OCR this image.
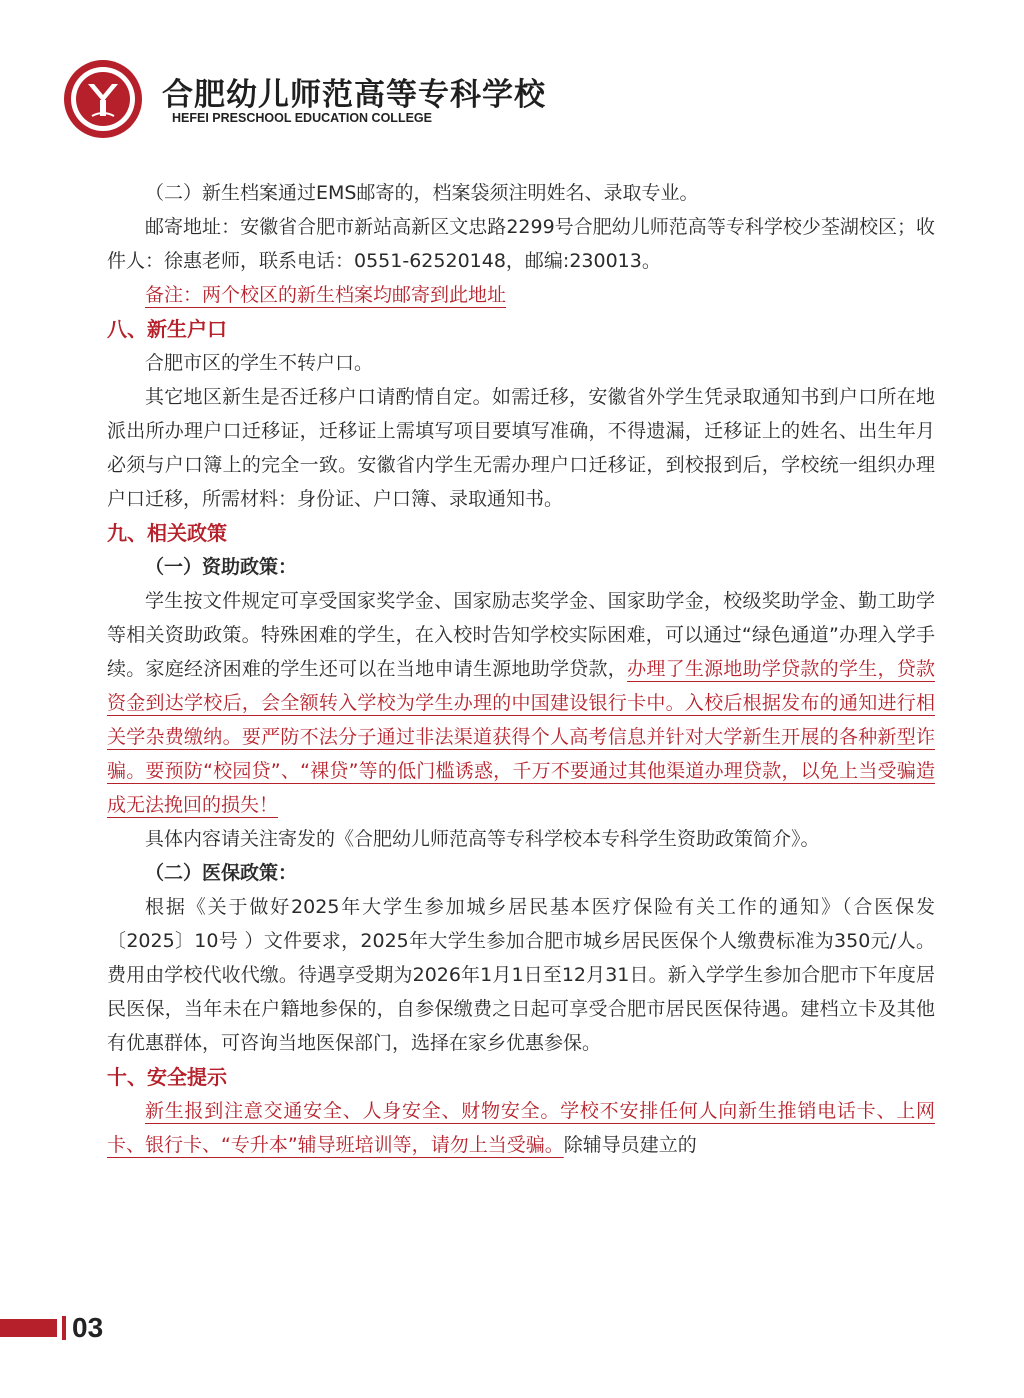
合肥幼儿师范高等专科学校
HEFEI PRESCHOOL EDUCATION COLLEGE

（二）新生档案通过EMS邮寄的，档案袋须注明姓名、录取专业。

邮寄地址：安徽省合肥市新站高新区文忠路2299号合肥幼儿师范高等专科学校少荃湖校区；收件人：徐惠老师，联系电话：0551-62520148，邮编:230013。

备注：两个校区的新生档案均邮寄到此地址

八、新生户口

合肥市区的学生不转户口。

其它地区新生是否迁移户口请酌情自定。如需迁移，安徽省外学生凭录取通知书到户口所在地派出所办理户口迁移证，迁移证上需填写项目要填写准确，不得遗漏，迁移证上的姓名、出生年月必须与户口簿上的完全一致。安徽省内学生无需办理户口迁移证，到校报到后，学校统一组织办理户口迁移，所需材料：身份证、户口簿、录取通知书。

九、相关政策
（一）资助政策：

学生按文件规定可享受国家奖学金、国家励志奖学金、国家助学金，校级奖助学金、勤工助学等相关资助政策。特殊困难的学生，在入校时告知学校实际困难，可以通过“绿色通道”办理入学手续。家庭经济困难的学生还可以在当地申请生源地助学贷款，办理了生源地助学贷款的学生，贷款资金到达学校后，会全额转入学校为学生办理的中国建设银行卡中。入校后根据发布的通知进行相关学杂费缴纳。要严防不法分子通过非法渠道获得个人高考信息并针对大学新生开展的各种新型诈骗。要预防“校园贷”、“裸贷”等的低门槛诱惑，千万不要通过其他渠道办理贷款，以免上当受骗造成无法挽回的损失！

具体内容请关注寄发的《合肥幼儿师范高等专科学校本专科学生资助政策简介》。

（二）医保政策：

根据《关于做好2025年大学生参加城乡居民基本医疗保险有关工作的通知》（合医保发〔2025〕10号 ）文件要求，2025年大学生参加合肥市城乡居民医保个人缴费标准为350元/人。费用由学校代收代缴。待遇享受期为2026年1月1日至12月31日。新入学学生参加合肥市下年度居民医保，当年未在户籍地参保的，自参保缴费之日起可享受合肥市居民医保待遇。建档立卡及其他有优惠群体，可咨询当地医保部门，选择在家乡优惠参保。

十、安全提示

新生报到注意交通安全、人身安全、财物安全。学校不安排任何人向新生推销电话卡、上网卡、银行卡、“专升本”辅导班培训等，请勿上当受骗。除辅导员建立的

03
